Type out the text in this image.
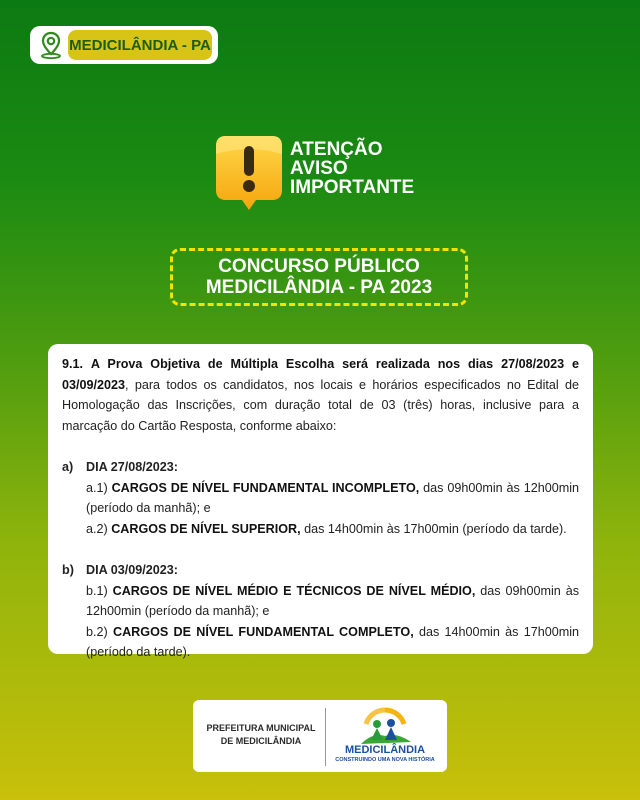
MEDICILÂNDIA - PA
ATENÇÃO
AVISO
IMPORTANTE
CONCURSO PÚBLICO
MEDICILÂNDIA - PA 2023

9.1. A Prova Objetiva de Múltipla Escolha será realizada nos dias 27/08/2023 e 03/09/2023, para todos os candidatos, nos locais e horários especificados no Edital de Homologação das Inscrições, com duração total de 03 (três) horas, inclusive para a marcação do Cartão Resposta, conforme abaixo:

a)	DIA 27/08/2023:
a.1) CARGOS DE NÍVEL FUNDAMENTAL INCOMPLETO, das 09h00min às 12h00min (período da manhã); e
a.2) CARGOS DE NÍVEL SUPERIOR, das 14h00min às 17h00min (período da tarde).
b) DIA 03/09/2023:
b.1) CARGOS DE NÍVEL MÉDIO E TÉCNICOS DE NÍVEL MÉDIO, das 09h00min às 12h00min (período da manhã); e
b.2) CARGOS DE NÍVEL FUNDAMENTAL COMPLETO, das 14h00min às 17h00min (período da tarde).
PREFEITURA MUNICIPAL
DE MEDICILÂNDIA
MEDICILÂNDIA
CONSTRUINDO UMA NOVA HISTÓRIA
